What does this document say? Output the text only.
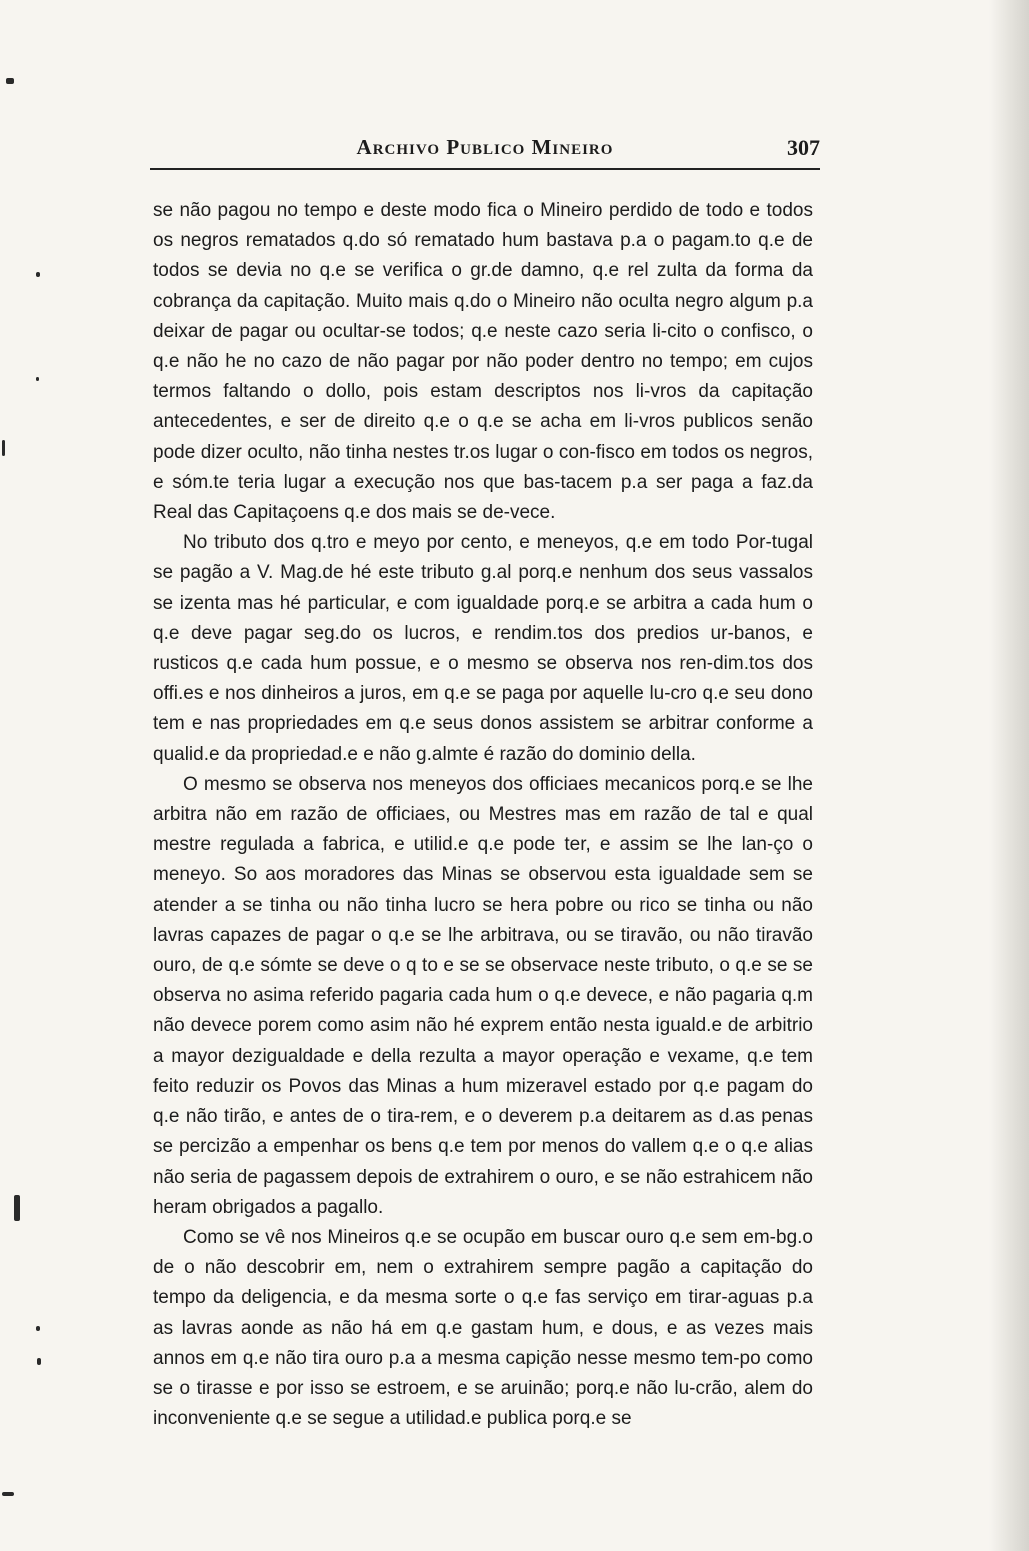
Archivo Publico Mineiro	307

se não pagou no tempo e deste modo fica o Mineiro perdido de todo e todos os negros rematados q.do só rematado hum bastava p.a o pagam.to q.e de todos se devia no q.e se verifica o gr.de damno, q.e rel zulta da forma da cobrança da capitação. Muito mais q.do o Mineiro não oculta negro algum p.a deixar de pagar ou ocultar-se todos; q.e neste cazo seria li-cito o confisco, o q.e não he no cazo de não pagar por não poder dentro no tempo; em cujos termos faltando o dollo, pois estam descriptos nos li-vros da capitação antecedentes, e ser de direito q.e o q.e se acha em li-vros publicos senão pode dizer oculto, não tinha nestes tr.os lugar o con-fisco em todos os negros, e sóm.te teria lugar a execução nos que bas-tacem p.a ser paga a faz.da Real das Capitaçoens q.e dos mais se de-vece.

No tributo dos q.tro e meyo por cento, e meneyos, q.e em todo Por-tugal se pagão a V. Mag.de hé este tributo g.al porq.e nenhum dos seus vassalos se izenta mas hé particular, e com igualdade porq.e se arbitra a cada hum o q.e deve pagar seg.do os lucros, e rendim.tos dos predios ur-banos, e rusticos q.e cada hum possue, e o mesmo se observa nos ren-dim.tos dos offi.es e nos dinheiros a juros, em q.e se paga por aquelle lu-cro q.e seu dono tem e nas propriedades em q.e seus donos assistem se arbitrar conforme a qualid.e da propriedad.e e não g.almte é razão do dominio della.

O mesmo se observa nos meneyos dos officiaes mecanicos porq.e se lhe arbitra não em razão de officiaes, ou Mestres mas em razão de tal e qual mestre regulada a fabrica, e utilid.e q.e pode ter, e assim se lhe lan-ço o meneyo. So aos moradores das Minas se observou esta igualdade sem se atender a se tinha ou não tinha lucro se hera pobre ou rico se tinha ou não lavras capazes de pagar o q.e se lhe arbitrava, ou se tiravão, ou não tiravão ouro, de q.e sómte se deve o q to e se se observace neste tributo, o q.e se se observa no asima referido pagaria cada hum o q.e devece, e não pagaria q.m não devece porem como asim não hé exprem então nesta iguald.e de arbitrio a mayor dezigualdade e della rezulta a mayor operação e vexame, q.e tem feito reduzir os Povos das Minas a hum mizeravel estado por q.e pagam do q.e não tirão, e antes de o tira-rem, e o deverem p.a deitarem as d.as penas se percizão a empenhar os bens q.e tem por menos do vallem q.e o q.e alias não seria de pagassem depois de extrahirem o ouro, e se não estrahicem não heram obrigados a pagallo.

Como se vê nos Mineiros q.e se ocupão em buscar ouro q.e sem em-bg.o de o não descobrir em, nem o extrahirem sempre pagão a capitação do tempo da deligencia, e da mesma sorte o q.e fas serviço em tirar-aguas p.a as lavras aonde as não há em q.e gastam hum, e dous, e as vezes mais annos em q.e não tira ouro p.a a mesma capição nesse mesmo tem-po como se o tirasse e por isso se estroem, e se aruinão; porq.e não lu-crão, alem do inconveniente q.e se segue a utilidad.e publica porq.e se
